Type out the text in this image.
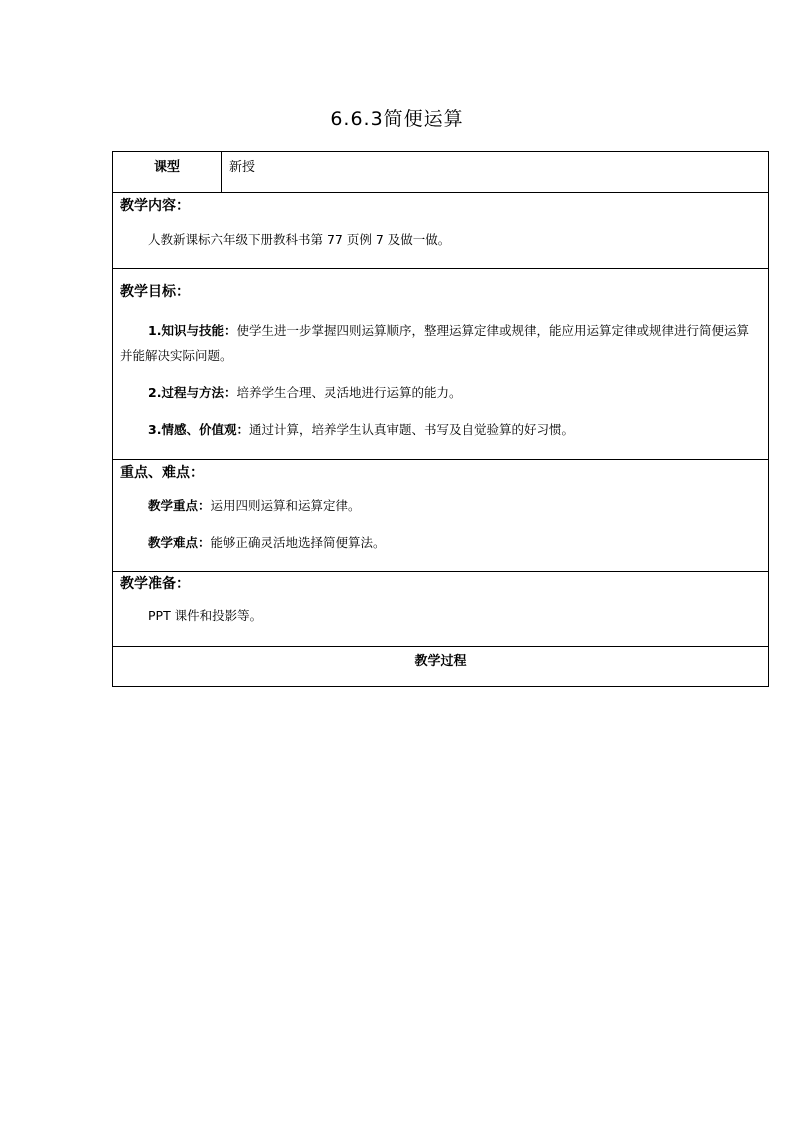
6.6.3简便运算
课型	新授

教学内容：
人教新课标六年级下册教科书第 77 页例 7 及做一做。

教学目标：
1.知识与技能：使学生进一步掌握四则运算顺序，整理运算定律或规律，能应用运算定律或规律进行简便运算并能解决实际问题。
2.过程与方法：培养学生合理、灵活地进行运算的能力。
3.情感、价值观：通过计算，培养学生认真审题、书写及自觉验算的好习惯。

重点、难点：
教学重点：运用四则运算和运算定律。
教学难点：能够正确灵活地选择简便算法。

教学准备：
PPT 课件和投影等。

教学过程
